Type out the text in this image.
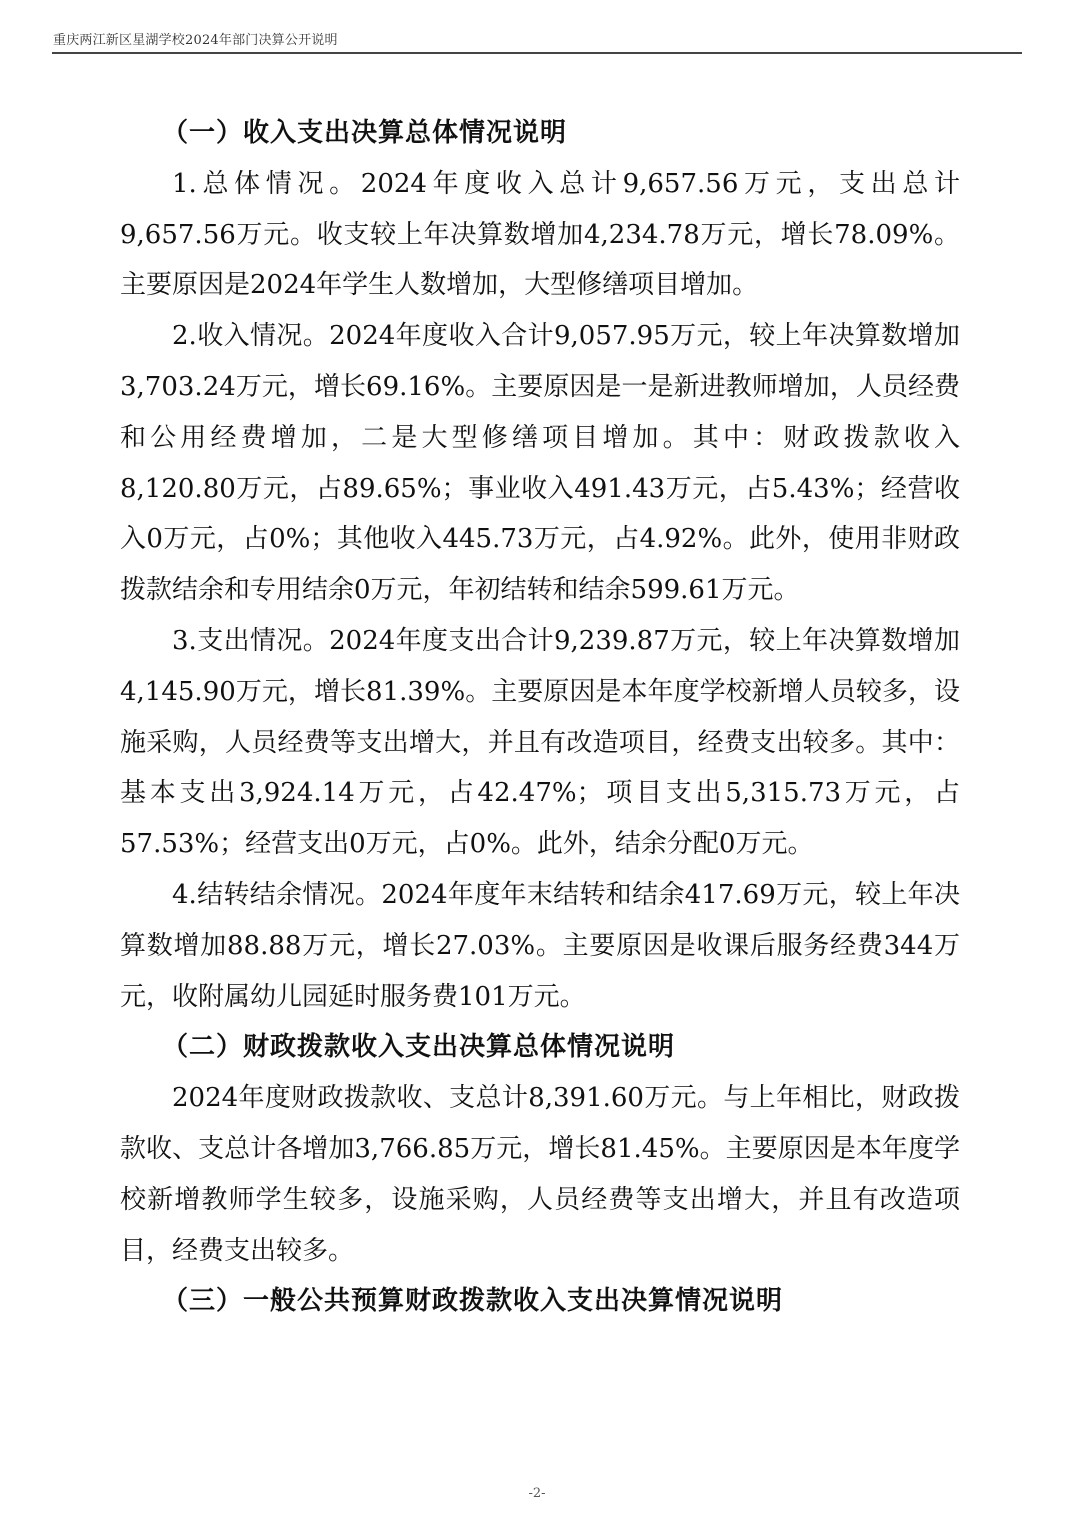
重庆两江新区星湖学校2024年部门决算公开说明

（一）收入支出决算总体情况说明

1.总体情况。2024年度收入总计9,657.56万元，支出总计9,657.56万元。收支较上年决算数增加4,234.78万元，增长78.09%。主要原因是2024年学生人数增加，大型修缮项目增加。

2.收入情况。2024年度收入合计9,057.95万元，较上年决算数增加3,703.24万元，增长69.16%。主要原因是一是新进教师增加，人员经费和公用经费增加，二是大型修缮项目增加。其中：财政拨款收入8,120.80万元，占89.65%；事业收入491.43万元，占5.43%；经营收入0万元，占0%；其他收入445.73万元，占4.92%。此外，使用非财政拨款结余和专用结余0万元，年初结转和结余599.61万元。

3.支出情况。2024年度支出合计9,239.87万元，较上年决算数增加4,145.90万元，增长81.39%。主要原因是本年度学校新增人员较多，设施采购，人员经费等支出增大，并且有改造项目，经费支出较多。其中：基本支出3,924.14万元，占42.47%；项目支出5,315.73万元，占57.53%；经营支出0万元，占0%。此外，结余分配0万元。

4.结转结余情况。2024年度年末结转和结余417.69万元，较上年决算数增加88.88万元，增长27.03%。主要原因是收课后服务经费344万元，收附属幼儿园延时服务费101万元。

（二）财政拨款收入支出决算总体情况说明

2024年度财政拨款收、支总计8,391.60万元。与上年相比，财政拨款收、支总计各增加3,766.85万元，增长81.45%。主要原因是本年度学校新增教师学生较多，设施采购，人员经费等支出增大，并且有改造项目，经费支出较多。

（三）一般公共预算财政拨款收入支出决算情况说明

-2-
